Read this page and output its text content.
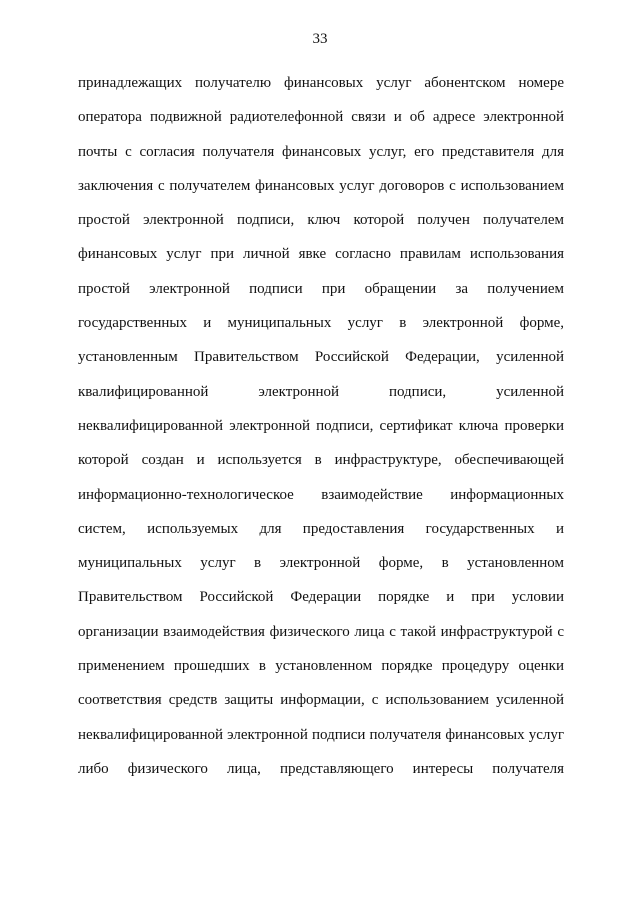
33
принадлежащих получателю финансовых услуг абонентском номере
оператора подвижной радиотелефонной связи и об адресе электронной
почты с согласия получателя финансовых услуг, его представителя для
заключения с получателем финансовых услуг договоров с использованием
простой электронной подписи, ключ которой получен получателем
финансовых услуг при личной явке согласно правилам использования
простой электронной подписи при обращении за получением
государственных и муниципальных услуг в электронной форме,
установленным Правительством Российской Федерации, усиленной
квалифицированной электронной подписи, усиленной
неквалифицированной электронной подписи, сертификат ключа проверки
которой создан и используется в инфраструктуре, обеспечивающей
информационно-технологическое взаимодействие информационных
систем, используемых для предоставления государственных и
муниципальных услуг в электронной форме, в установленном
Правительством Российской Федерации порядке и при условии
организации взаимодействия физического лица с такой инфраструктурой с
применением прошедших в установленном порядке процедуру оценки
соответствия средств защиты информации, с использованием усиленной
неквалифицированной электронной подписи получателя финансовых услуг
либо физического лица, представляющего интересы получателя
